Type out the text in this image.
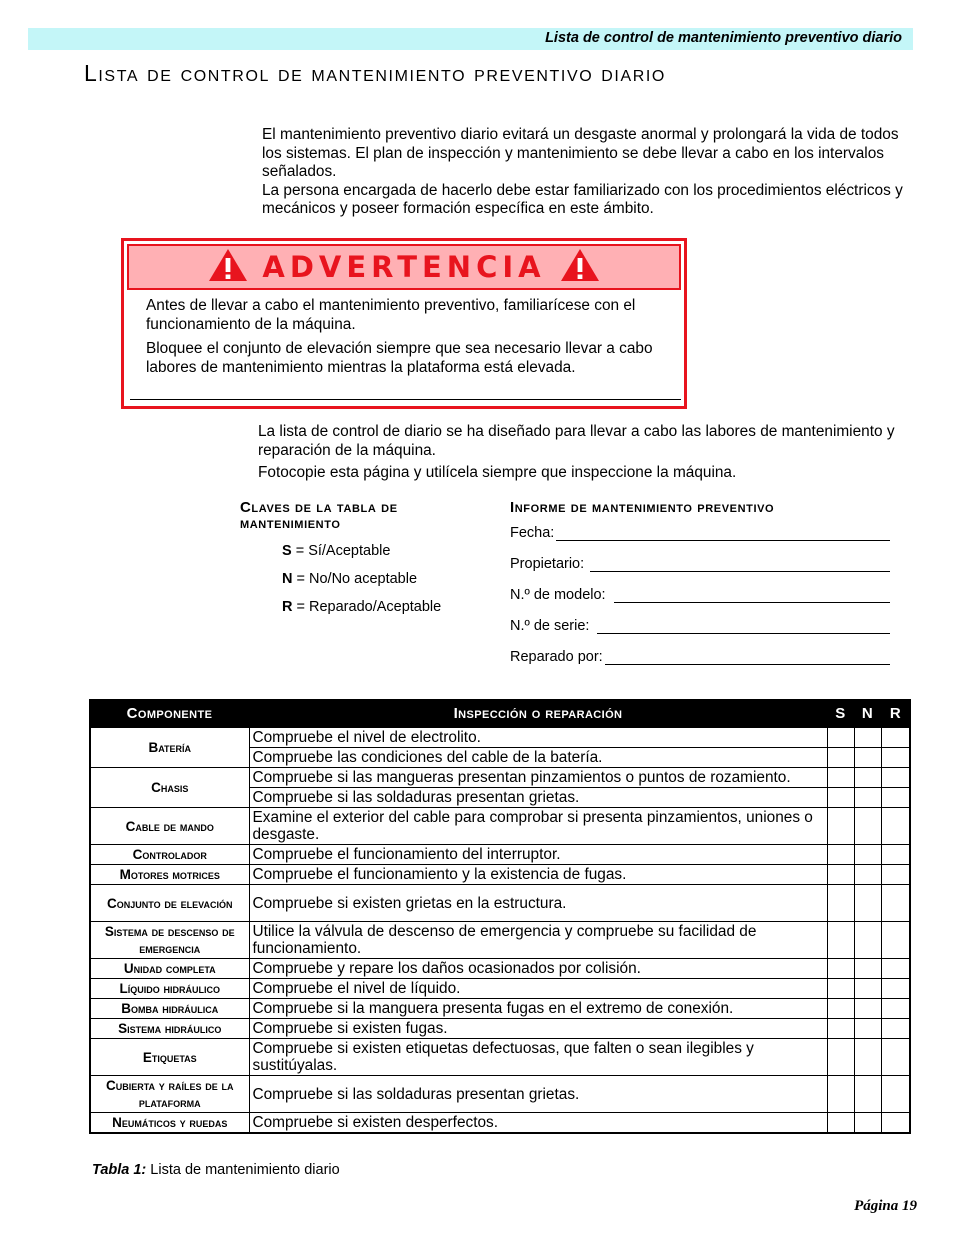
Lista de control de mantenimiento preventivo diario
Lista de control de mantenimiento preventivo diario

El mantenimiento preventivo diario evitará un desgaste anormal y prolongará la vida de todos los sistemas. El plan de inspección y mantenimiento se debe llevar a cabo en los intervalos señalados.

La persona encargada de hacerlo debe estar familiarizado con los procedimientos eléctricos y mecánicos y poseer formación específica en este ámbito.

ADVERTENCIA

Antes de llevar a cabo el mantenimiento preventivo, familiarícese con el funcionamiento de la máquina.

Bloquee el conjunto de elevación siempre que sea necesario llevar a cabo labores de mantenimiento mientras la plataforma está elevada.

La lista de control de diario se ha diseñado para llevar a cabo las labores de mantenimiento y reparación de la máquina.

Fotocopie esta página y utilícela siempre que inspeccione la máquina.

Claves de la tabla de mantenimiento
S = Sí/Aceptable
N = No/No aceptable
R = Reparado/Aceptable
Informe de mantenimiento preventivo
Fecha:
Propietario:
N.º de modelo:
N.º de serie:
Reparado por:
Componente	Inspección o reparación	S	N	R
Batería	Compruebe el nivel de electrolito.			
	Compruebe las condiciones del cable de la batería.			
Chasis	Compruebe si las mangueras presentan pinzamientos o puntos de rozamiento.			
	Compruebe si las soldaduras presentan grietas.			
Cable de mando	Examine el exterior del cable para comprobar si presenta pinzamientos, uniones o desgaste.			
Controlador	Compruebe el funcionamiento del interruptor.			
Motores motrices	Compruebe el funcionamiento y la existencia de fugas.			
Conjunto de elevación	Compruebe si existen grietas en la estructura.			
Sistema de descenso de emergencia	Utilice la válvula de descenso de emergencia y compruebe su facilidad de funcionamiento.			
Unidad completa	Compruebe y repare los daños ocasionados por colisión.			
Líquido hidráulico	Compruebe el nivel de líquido.			
Bomba hidráulica	Compruebe si la manguera presenta fugas en el extremo de conexión.			
Sistema hidráulico	Compruebe si existen fugas.			
Etiquetas	Compruebe si existen etiquetas defectuosas, que falten o sean ilegibles y sustitúyalas.			
Cubierta y raíles de la plataforma	Compruebe si las soldaduras presentan grietas.			
Neumáticos y ruedas	Compruebe si existen desperfectos.			
Tabla 1: Lista de mantenimiento diario
Página 19
